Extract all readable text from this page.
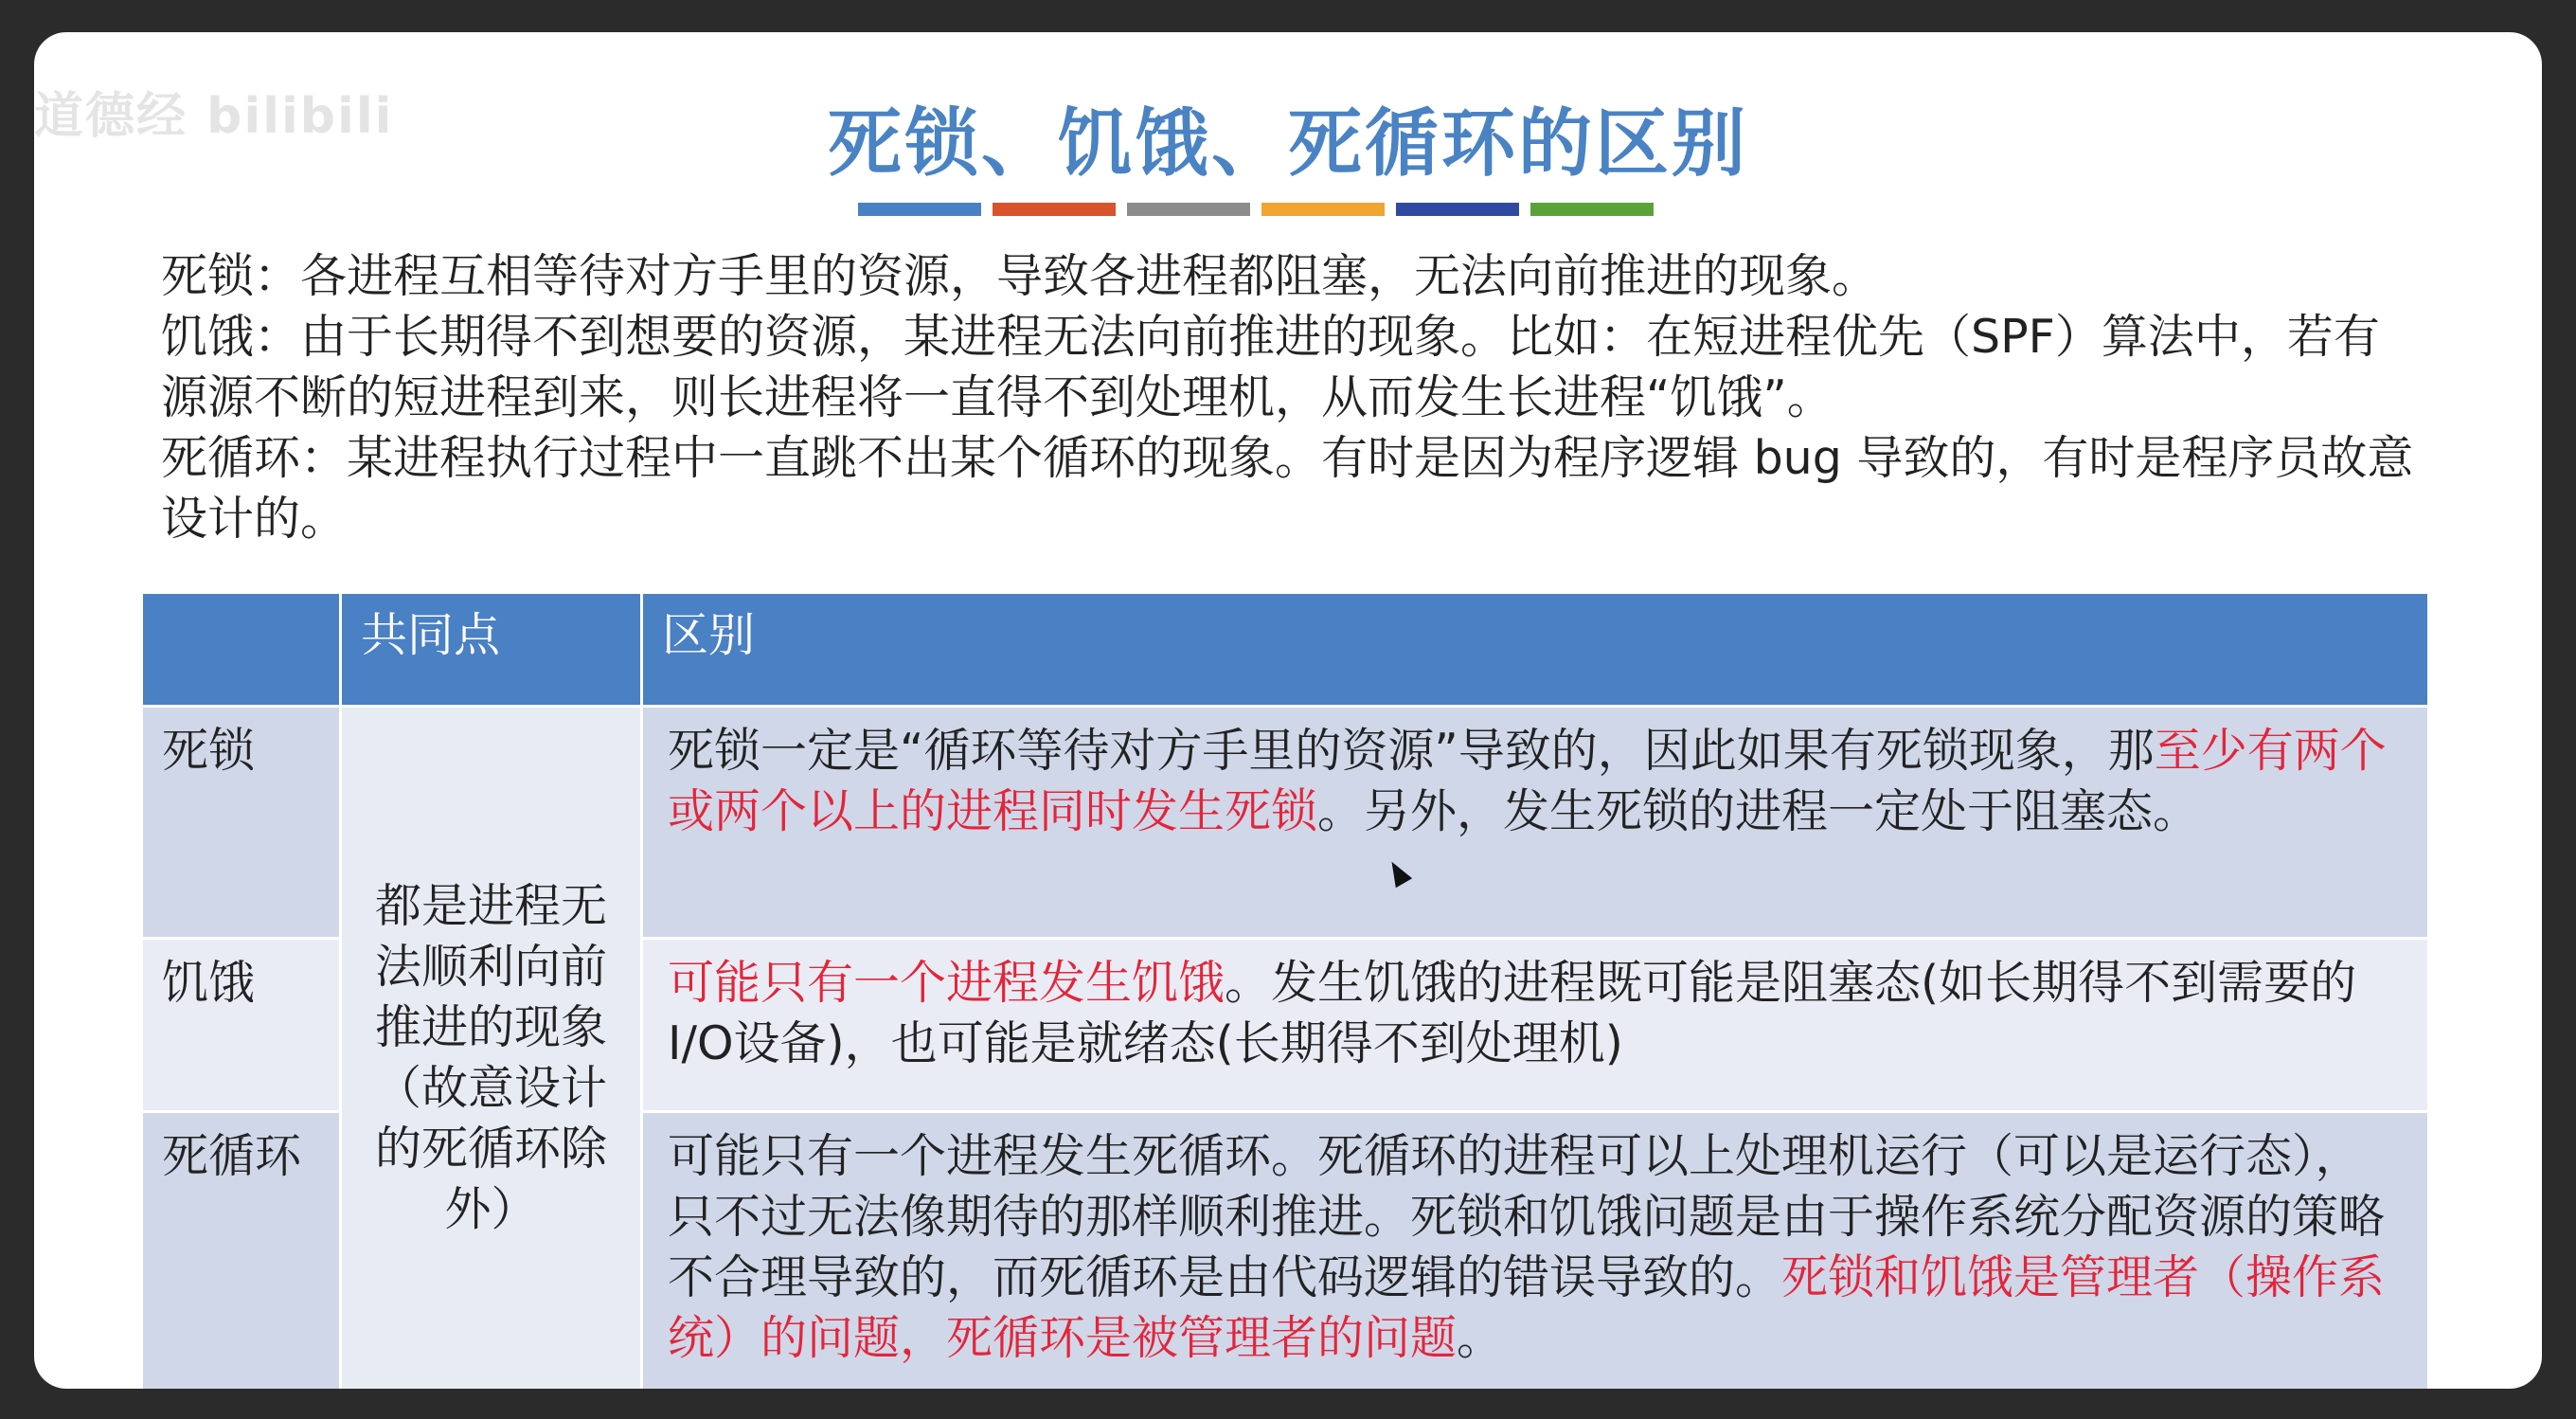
道德经 bilibili	死锁、饥饿、死循环的区别

死锁：各进程互相等待对方手里的资源，导致各进程都阻塞，无法向前推进的现象。

饥饿：由于长期得不到想要的资源，某进程无法向前推进的现象。比如：在短进程优先（SPF）算法中，若有源源不断的短进程到来，则长进程将一直得不到处理机，从而发生长进程“饥饿”。

死循环：某进程执行过程中一直跳不出某个循环的现象。有时是因为程序逻辑 bug 导致的，有时是程序员故意设计的。

	共同点	区别
死锁	都是进程无法顺利向前推进的现象（故意设计的死循环除外）	死锁一定是“循环等待对方手里的资源”导致的，因此如果有死锁现象，那至少有两个或两个以上的进程同时发生死锁。另外，发生死锁的进程一定处于阻塞态。
饥饿		可能只有一个进程发生饥饿。发生饥饿的进程既可能是阻塞态(如长期得不到需要的I/O设备)，也可能是就绪态(长期得不到处理机)
死循环		可能只有一个进程发生死循环。死循环的进程可以上处理机运行（可以是运行态），只不过无法像期待的那样顺利推进。死锁和饥饿问题是由于操作系统分配资源的策略不合理导致的，而死循环是由代码逻辑的错误导致的。死锁和饥饿是管理者（操作系统）的问题，死循环是被管理者的问题。
